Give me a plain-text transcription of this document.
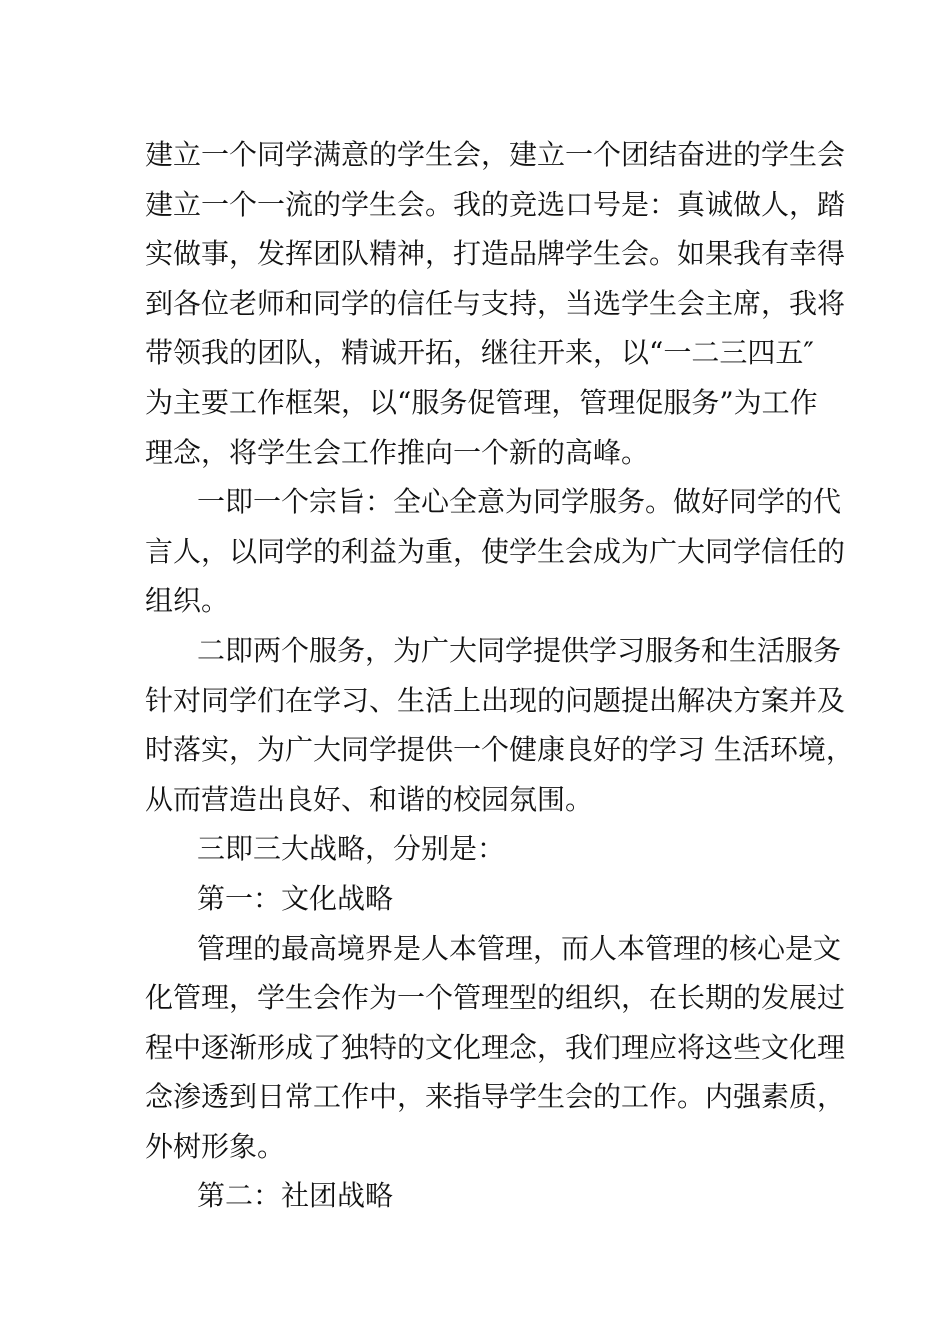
建立一个同学满意的学生会，建立一个团结奋进的学生会
建立一个一流的学生会。我的竞选口号是：真诚做人，踏
实做事，发挥团队精神，打造品牌学生会。如果我有幸得
到各位老师和同学的信任与支持，当选学生会主席，我将
带领我的团队，精诚开拓，继往开来，以“一二三四五″
为主要工作框架，以“服务促管理，管理促服务”为工作
理念，将学生会工作推向一个新的高峰。
一即一个宗旨：全心全意为同学服务。做好同学的代
言人，以同学的利益为重，使学生会成为广大同学信任的
组织。
二即两个服务，为广大同学提供学习服务和生活服务
针对同学们在学习、生活上出现的问题提出解决方案并及
时落实，为广大同学提供一个健康良好的学习 生活环境，
从而营造出良好、和谐的校园氛围。
三即三大战略，分别是：
第一：文化战略
管理的最高境界是人本管理，而人本管理的核心是文
化管理，学生会作为一个管理型的组织，在长期的发展过
程中逐渐形成了独特的文化理念，我们理应将这些文化理
念渗透到日常工作中，来指导学生会的工作。内强素质，
外树形象。
第二：社团战略
